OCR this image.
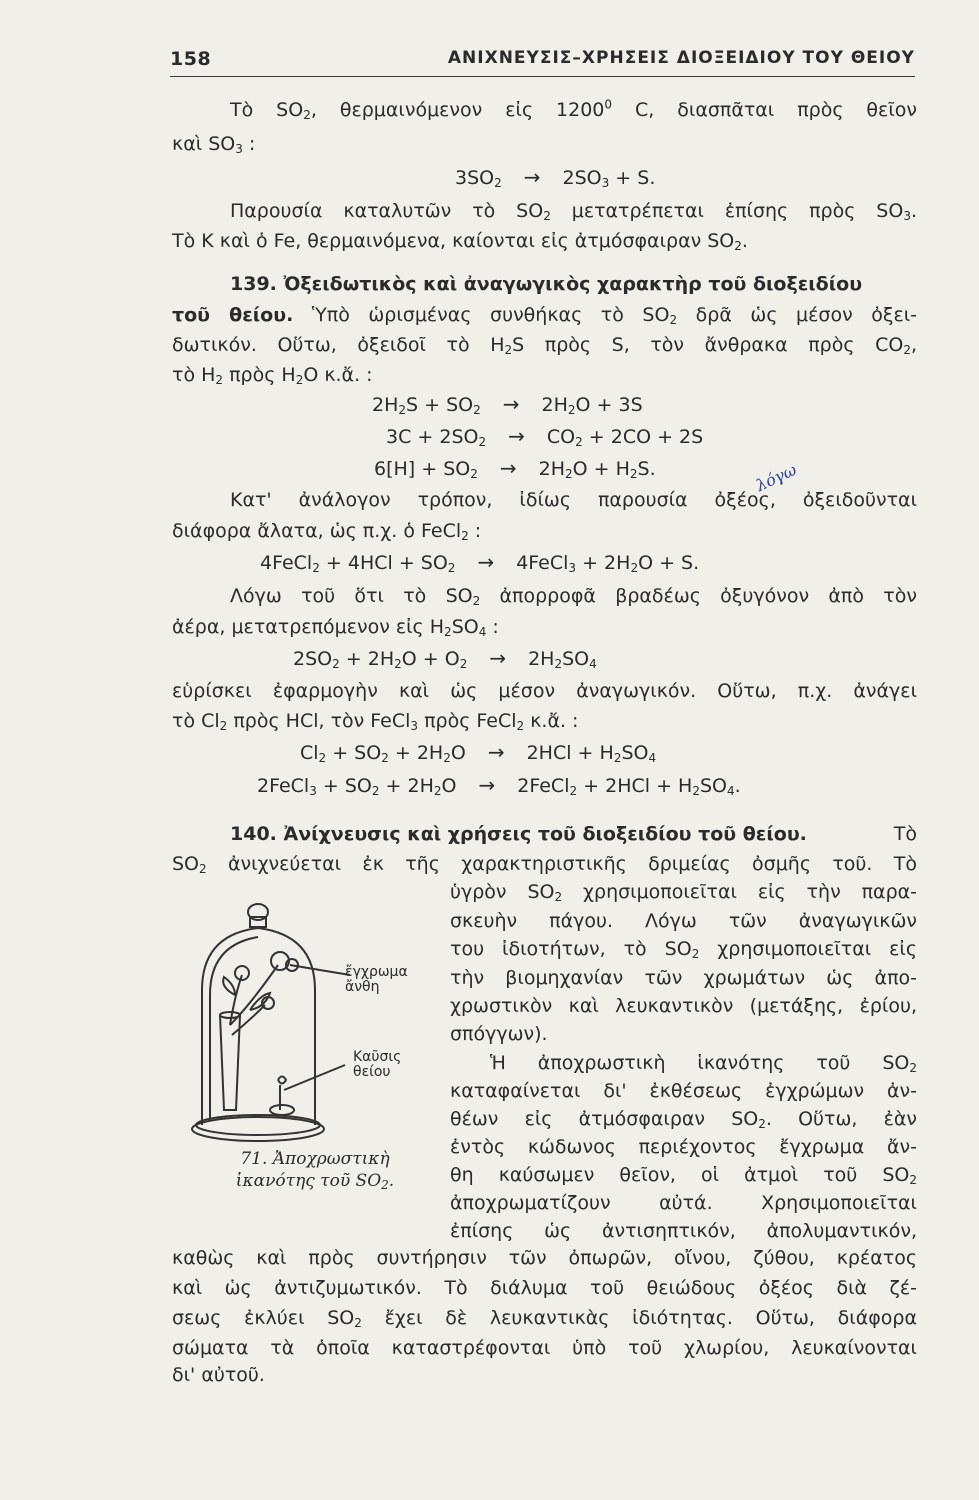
158	ΑΝΙΧΝΕΥΣΙΣ–ΧΡΗΣΕΙΣ ΔΙΟΞΕΙΔΙΟΥ ΤΟΥ ΘΕΙΟΥ
Τὸ $SO_2$, θερμαινόμενον εἰς 1200$^0$ C, διασπᾶται πρὸς θεῖον
καὶ $SO_3$ :
$3SO_2 \to 2SO_3 + S$.
Παρουσία καταλυτῶν τὸ $SO_2$ μετατρέπεται ἐπίσης πρὸς $SO_3$.
Τὸ Κ καὶ ὁ Fe, θερμαινόμενα, καίονται εἰς ἀτμόσφαιραν $SO_2$.
139. Ὀξειδωτικὸς καὶ ἀναγωγικὸς χαρακτὴρ τοῦ διοξειδίου
τοῦ θείου. Ὑπὸ ὡρισμένας συνθήκας τὸ $SO_2$ δρᾶ ὡς μέσον ὀξει-
δωτικόν. Οὕτω, ὀξειδοῖ τὸ $H_2S$ πρὸς S, τὸν ἄνθρακα πρὸς $CO_2$,
τὸ $H_2$ πρὸς $H_2O$ κ.ἄ. :
$2H_2S + SO_2 \to 2H_2O + 3S$
$3C + 2SO_2 \to CO_2 + 2CO + 2S$
$6[H] + SO_2 \to 2H_2O + H_2S$.	λόγω
Κατ' ἀνάλογον τρόπον, ἰδίως παρουσία ὀξέος, ὀξειδοῦνται
διάφορα ἄλατα, ὡς π.χ. ὁ FeCl$_2$ :
4FeCl$_2$ + $4HCl + SO_2$ → 4FeCl$_3$ + $2H_2O + S$.
Λόγω τοῦ ὅτι τὸ $SO_2$ ἀπορροφᾶ βραδέως ὀξυγόνον ἀπὸ τὸν
ἀέρα, μετατρεπόμενον εἰς $H_2SO_4$ :
$2SO_2 + 2H_2O + O_2 \to 2H_2SO_4$
εὑρίσκει ἐφαρμογὴν καὶ ὡς μέσον ἀναγωγικόν. Οὕτω, π.χ. ἀνάγει
τὸ $Cl_2$ πρὸς HCl, τὸν FeCl$_3$ πρὸς FeCl$_2$ κ.ἄ. :
$Cl_2 + SO_2 + 2H_2O \to 2HCl + H_2SO_4$
2FeCl$_3$ + $SO_2 + 2H_2O$ → 2FeCl$_2$ + $2HCl + H_2SO_4$.
140. Ἀνίχνευσις καὶ χρήσεις τοῦ διοξειδίου τοῦ θείου.	Τὸ
$SO_2$ ἀνιχνεύεται ἐκ τῆς χαρακτηριστικῆς δριμείας ὀσμῆς τοῦ. Τὸ
ὑγρὸν $SO_2$ χρησιμοποιεῖται εἰς τὴν παρα-
σκευὴν πάγου. Λόγω τῶν ἀναγωγικῶν
του ἰδιοτήτων, τὸ $SO_2$ χρησιμοποιεῖται εἰς
τὴν βιομηχανίαν τῶν χρωμάτων ὡς ἀπο-
χρωστικὸν καὶ λευκαντικὸν (μετάξης, ἐρίου,
σπόγγων).
Ἡ ἀποχρωστικὴ ἱκανότης τοῦ $SO_2$
καταφαίνεται δι' ἐκθέσεως ἐγχρώμων ἀν-
θέων εἰς ἀτμόσφαιραν $SO_2$. Οὕτω, ἐὰν
ἐντὸς κώδωνος περιέχοντος ἔγχρωμα ἄν-
θη καύσωμεν θεῖον, οἱ ἀτμοὶ τοῦ $SO_2$
ἀποχρωματίζουν αὐτά. Χρησιμοποιεῖται
ἐπίσης ὡς ἀντισηπτικόν, ἀπολυμαντικόν,
καθὼς καὶ πρὸς συντήρησιν τῶν ὀπωρῶν, οἴνου, ζύθου, κρέατος
καὶ ὡς ἀντιζυμωτικόν. Τὸ διάλυμα τοῦ θειώδους ὀξέος διὰ ζέ-
σεως ἐκλύει $SO_2$ ἔχει δὲ λευκαντικὰς ἰδιότητας. Οὕτω, διάφορα
σώματα τὰ ὁποῖα καταστρέφονται ὑπὸ τοῦ χλωρίου, λευκαίνονται
δι' αὐτοῦ.
ἔγχρωμα
ἄνθη
Καῦσις
θείου
71. Ἀποχρωστικὴ
ἱκανότης τοῦ $SO_2$.
